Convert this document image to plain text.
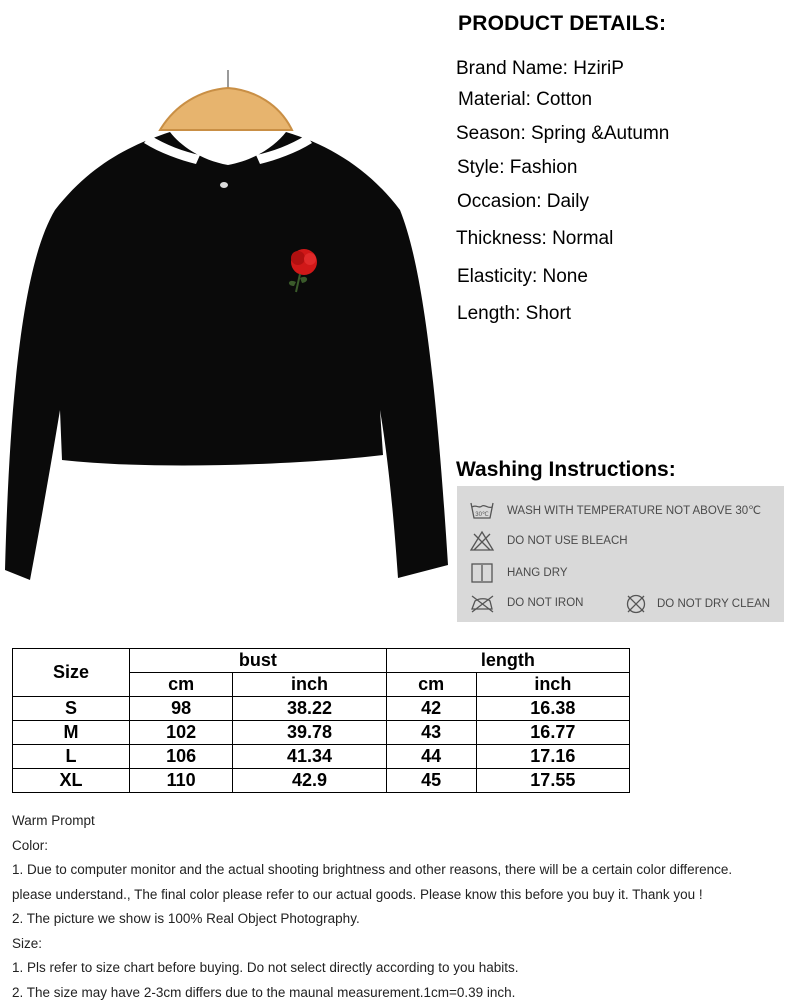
PRODUCT DETAILS:
Brand Name: HziriP
Material: Cotton
Season: Spring &Autumn
Style: Fashion
Occasion: Daily
Thickness: Normal
Elasticity: None
Length: Short
Washing Instructions:
30℃ WASH WITH TEMPERATURE NOT ABOVE 30℃
DO NOT USE BLEACH
HANG DRY
DO NOT IRON	DO NOT DRY CLEAN
Size	bust		length	
	cm	inch	cm	inch
S	98	38.22	42	16.38
M	102	39.78	43	16.77
L	106	41.34	44	17.16
XL	110	42.9	45	17.55
Warm Prompt
Color:
1. Due to computer monitor and the actual shooting brightness and other reasons, there will be a certain color difference.
please understand., The final color please refer to our actual goods. Please know this before you buy it. Thank you !
2. The picture we show is 100% Real Object Photography.
Size:
1. Pls refer to size chart before buying. Do not select directly according to you habits.
2. The size may have 2-3cm differs due to the maunal measurement.1cm=0.39 inch.
